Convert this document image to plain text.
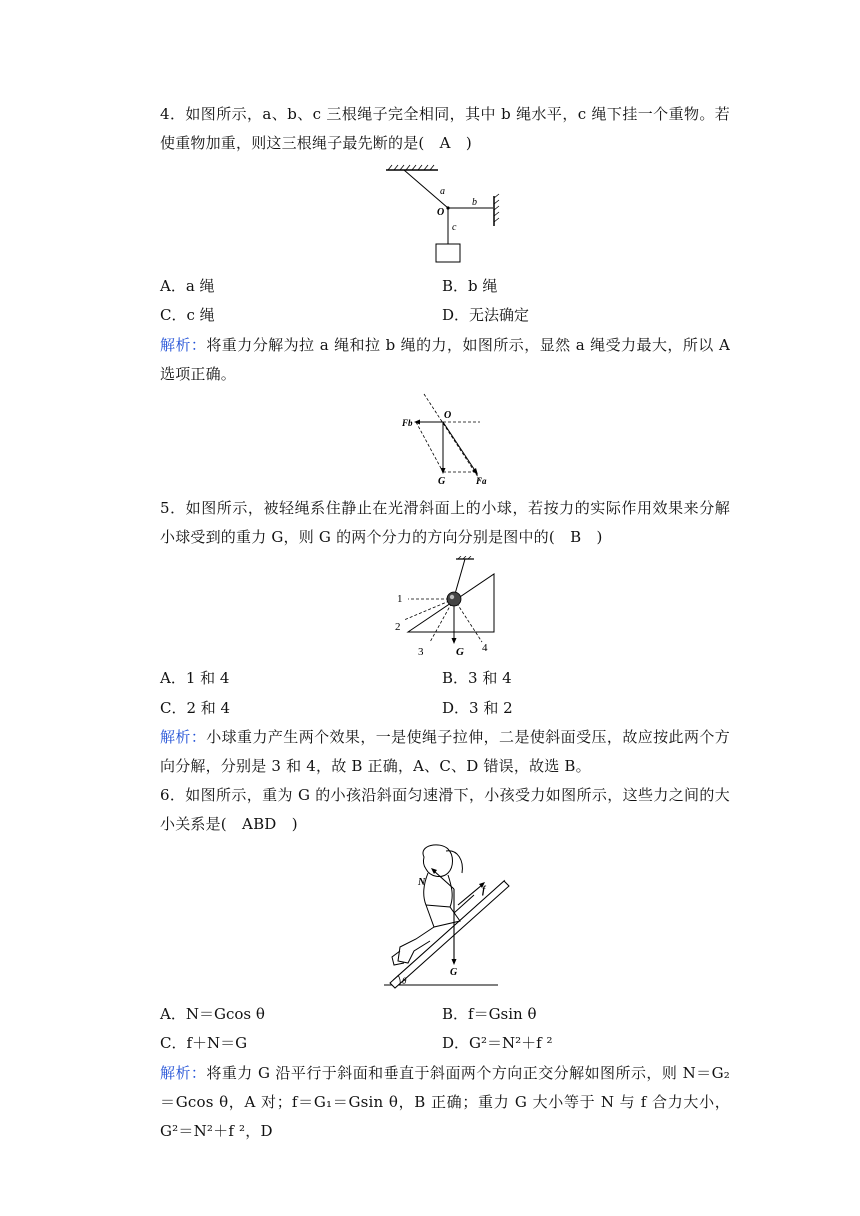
4．如图所示，a、b、c 三根绳子完全相同，其中 b 绳水平，c 绳下挂一个重物。若使重物加重，则这三根绳子最先断的是(　A　)
a
b
c
O
A．a 绳	B．b 绳
C．c 绳	D．无法确定
解析：将重力分解为拉 a 绳和拉 b 绳的力，如图所示，显然 a 绳受力最大，所以 A 选项正确。
O
Fb
Fa
G
5．如图所示，被轻绳系住静止在光滑斜面上的小球，若按力的实际作用效果来分解小球受到的重力 G，则 G 的两个分力的方向分别是图中的(　B　)
1
2
3	4
G
A．1 和 4	B．3 和 4
C．2 和 4	D．3 和 2
解析：小球重力产生两个效果，一是使绳子拉伸，二是使斜面受压，故应按此两个方向分解，分别是 3 和 4，故 B 正确，A、C、D 错误，故选 B。
6．如图所示，重为 G 的小孩沿斜面匀速滑下，小孩受力如图所示，这些力之间的大小关系是(　ABD　)
θ
N
f
G
A．N＝Gcos θ	B．f＝Gsin θ
C．f＋N＝G	D．G²＝N²＋f ²
解析：将重力 G 沿平行于斜面和垂直于斜面两个方向正交分解如图所示，则 N＝G₂＝Gcos θ，A 对；f＝G₁＝Gsin θ，B 正确；重力 G 大小等于 N 与 f 合力大小，G²＝N²＋f ²，D
